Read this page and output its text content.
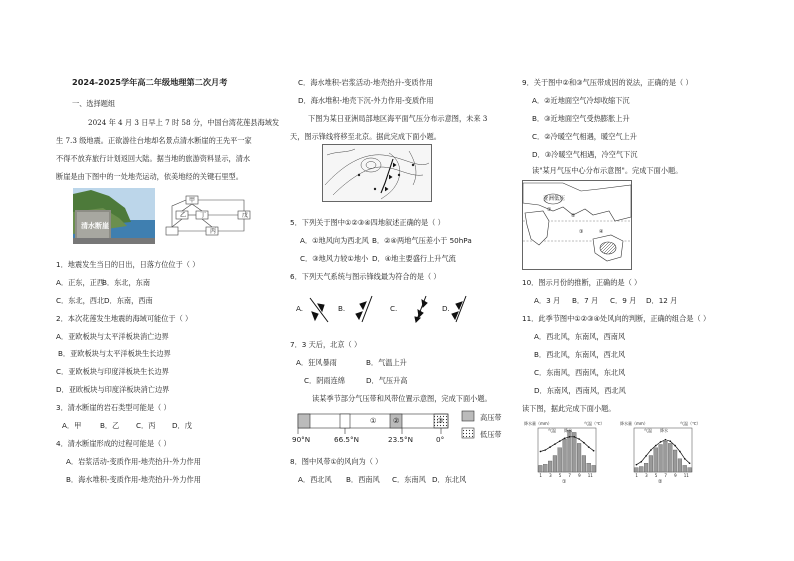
2024-2025学年高二年级地理第二次月考
一、选择题组
2024 年 4 月 3 日早上 7 时 58 分，中国台湾花莲县海域发
生 7.3 级地震。正欲游往台地却名景点清水断崖的王先平一家
不得不放弃旅行计划返回大陆。据当地的旅游资料显示，清水
断崖是由下图中的一处地壳运动，依美地经的关键石里型。
清水断崖
乙
丙
丁	戊
甲
1．地震发生当日的日出，日落方位位于（ ）
A．正东，正西
B．东北，东南
C．东北，西北 D．东南，西南
2．本次花莲发生地震的海域可能位于（ ）
A．亚欧板块与太平洋板块消亡边界
B．亚欧板块与太平洋板块生长边界
C．亚欧板块与印度洋板块生长边界
D．亚欧板块与印度洋板块消亡边界
3．清水断崖的岩石类型可能是（ ）
A．甲	B．乙 C．丙 D．戊
4．清水断崖形成的过程可能是（ ）
A．岩浆活动-变质作用-地壳抬升-外力作用
B．海水堆积-变质作用-地壳抬升-外力作用
C．海水堆积-岩浆活动-地壳抬升-变质作用
D．海水堆积-地壳下沉-外力作用-变质作用
下图为某日亚洲局部地区海平面气压分布示意图，未来 3
天，图示锋线将移至北京。据此完成下面小题。
5．下列关于图中①②③④四地叙述正确的是（ ）
A．①地风向为西北风 B．②④两地气压差小于 50hPa
C．③地风力较①地小 D．④地主要盛行上升气流
6．下列天气系统与图示锋线最为符合的是（ ）
B.	C.	D.
A.
7．3 天后，北京（ ）
A．狂风暴雨	B．气温上升
C．阴雨连绵	D．气压升高
读某季节部分气压带和风带位置示意图，完成下面小题。
① ②	③
90°N	66.5°N	23.5°N	0°
高压带
低压带
8．图中风带①的风向为（ ）
A．西北风 B．西南风 C．东南风 D．东北风
9．关于图中②和③气压带成因的说法，正确的是（ ）
A．②近地面空气冷却收缩下沉
B．③近地面空气受热膨胀上升
C．②冷暖空气相遇，暖空气上升
D．③冷暖空气相遇，冷空气下沉
读"某月气压中心分布示意图"。完成下面小题。
①
②
③	④
亚洲低压
10．图示月份的推断，正确的是（ ）
A．3 月 B．7 月 C．9 月 D．12 月
11．此季节图中①②③④处风向的判断，正确的组合是（ ）
A．西北风，东南风，西南风
B．西北风，东南风，西北风
C．东南风，西南风，东北风
D．东南风，西南风，西北风
读下图，据此完成下面小题。
降水量（mm）	气温（℃）
气温 降水
1 3 5 7 9 11
①
降水量（mm）	气温（℃）
气温 降水
1 3 5 7 9 11
②
